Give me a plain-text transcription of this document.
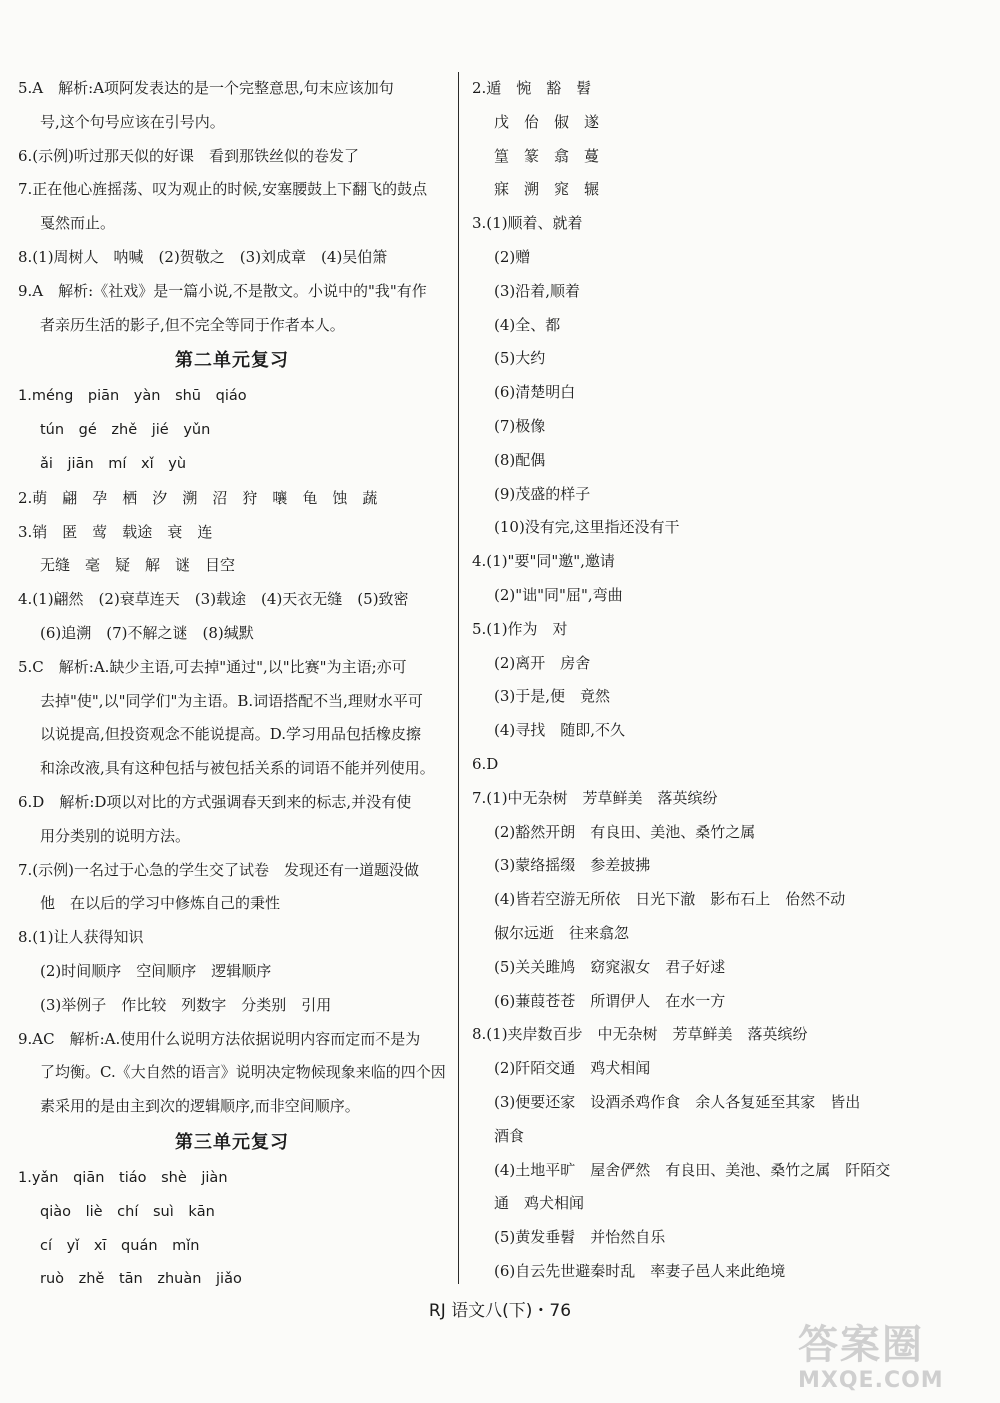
5.A　解析:A项阿发表达的是一个完整意思,句末应该加句
号,这个句号应该在引号内。
6.(示例)听过那天似的好课　看到那铁丝似的卷发了
7.正在他心旌摇荡、叹为观止的时候,安塞腰鼓上下翻飞的鼓点
戛然而止。
8.(1)周树人　呐喊　(2)贺敬之　(3)刘成章　(4)吴伯箫
9.A　解析:《社戏》是一篇小说,不是散文。小说中的"我"有作
者亲历生活的影子,但不完全等同于作者本人。
第二单元复习
1.méng piān yàn shū qiáo
tún gé zhě jié yǔn
ǎi jiān mí xǐ yù
2.萌　翩　孕　栖　汐　溯　沼　狩　嚷　龟　蚀　蔬
3.销　匿　莺　载途　衰　连
无缝　毫　疑　解　谜　目空
4.(1)翩然　(2)衰草连天　(3)载途　(4)天衣无缝　(5)致密
(6)追溯　(7)不解之谜　(8)缄默
5.C　解析:A.缺少主语,可去掉"通过",以"比赛"为主语;亦可
去掉"使",以"同学们"为主语。B.词语搭配不当,理财水平可
以说提高,但投资观念不能说提高。D.学习用品包括橡皮擦
和涂改液,具有这种包括与被包括关系的词语不能并列使用。
6.D　解析:D项以对比的方式强调春天到来的标志,并没有使
用分类别的说明方法。
7.(示例)一名过于心急的学生交了试卷　发现还有一道题没做
他　在以后的学习中修炼自己的秉性
8.(1)让人获得知识
(2)时间顺序　空间顺序　逻辑顺序
(3)举例子　作比较　列数字　分类别　引用
9.AC　解析:A.使用什么说明方法依据说明内容而定而不是为
了均衡。C.《大自然的语言》说明决定物候现象来临的四个因
素采用的是由主到次的逻辑顺序,而非空间顺序。
第三单元复习
1.yǎn qiān tiáo shè jiàn
qiào liè chí suì kān
cí yǐ xī quán mǐn
ruò zhě tān zhuàn jiǎo
2.遁　惋　豁　髫
戊　佁　俶　遂
篁　篆　翕　蔓
寐　溯　窕　辗
3.(1)顺着、就着
(2)赠
(3)沿着,顺着
(4)全、都
(5)大约
(6)清楚明白
(7)极像
(8)配偶
(9)茂盛的样子
(10)没有完,这里指还没有干
4.(1)"要"同"邀",邀请
(2)"诎"同"屈",弯曲
5.(1)作为　对
(2)离开　房舍
(3)于是,便　竟然
(4)寻找　随即,不久
6.D
7.(1)中无杂树　芳草鲜美　落英缤纷
(2)豁然开朗　有良田、美池、桑竹之属
(3)蒙络摇缀　参差披拂
(4)皆若空游无所依　日光下澈　影布石上　佁然不动
俶尔远逝　往来翕忽
(5)关关雎鸠　窈窕淑女　君子好逑
(6)蒹葭苍苍　所谓伊人　在水一方
8.(1)夹岸数百步　中无杂树　芳草鲜美　落英缤纷
(2)阡陌交通　鸡犬相闻
(3)便要还家　设酒杀鸡作食　余人各复延至其家　皆出
酒食
(4)土地平旷　屋舍俨然　有良田、美池、桑竹之属　阡陌交
通　鸡犬相闻
(5)黄发垂髫　并怡然自乐
(6)自云先世避秦时乱　率妻子邑人来此绝境
RJ 语文八(下)・76
答案圈
MXQE.COM
